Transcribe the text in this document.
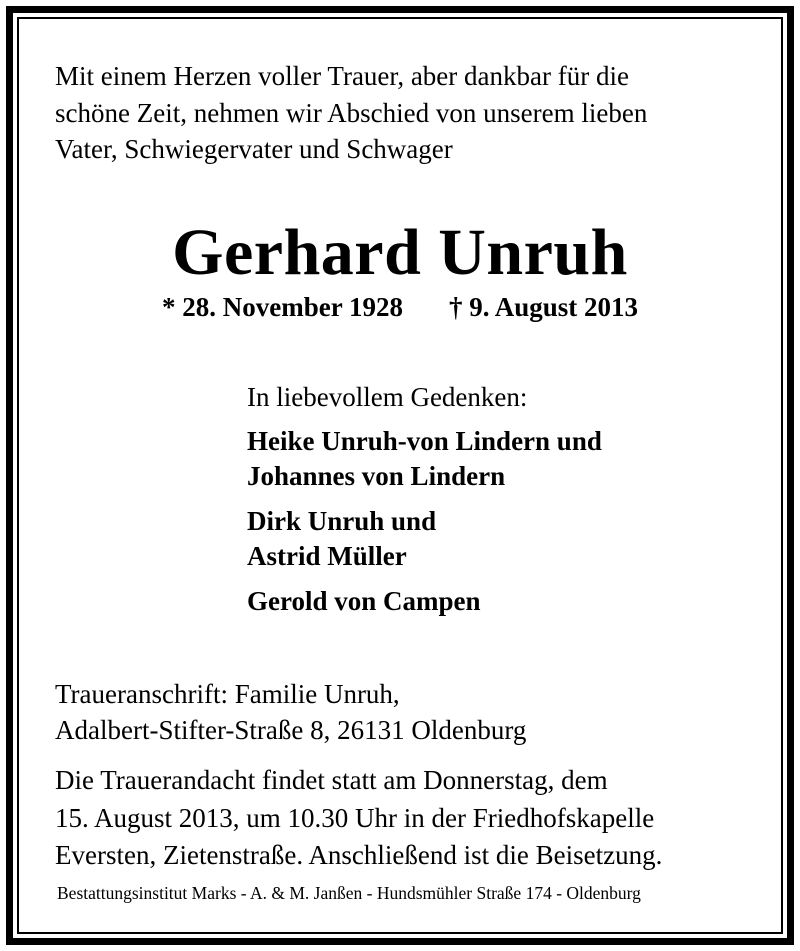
Mit einem Herzen voller Trauer, aber dankbar für die
schöne Zeit, nehmen wir Abschied von unserem lieben
Vater, Schwiegervater und Schwager
Gerhard Unruh
* 28. November 1928 † 9. August 2013
In liebevollem Gedenken:
Heike Unruh-von Lindern und
Johannes von Lindern
Dirk Unruh und
Astrid Müller
Gerold von Campen
Traueranschrift: Familie Unruh,
Adalbert-Stifter-Straße 8, 26131 Oldenburg
Die Trauerandacht findet statt am Donnerstag, dem
15. August 2013, um 10.30 Uhr in der Friedhofskapelle
Eversten, Zietenstraße. Anschließend ist die Beisetzung.
Bestattungsinstitut Marks - A. & M. Janßen - Hundsmühler Straße 174 - Oldenburg
